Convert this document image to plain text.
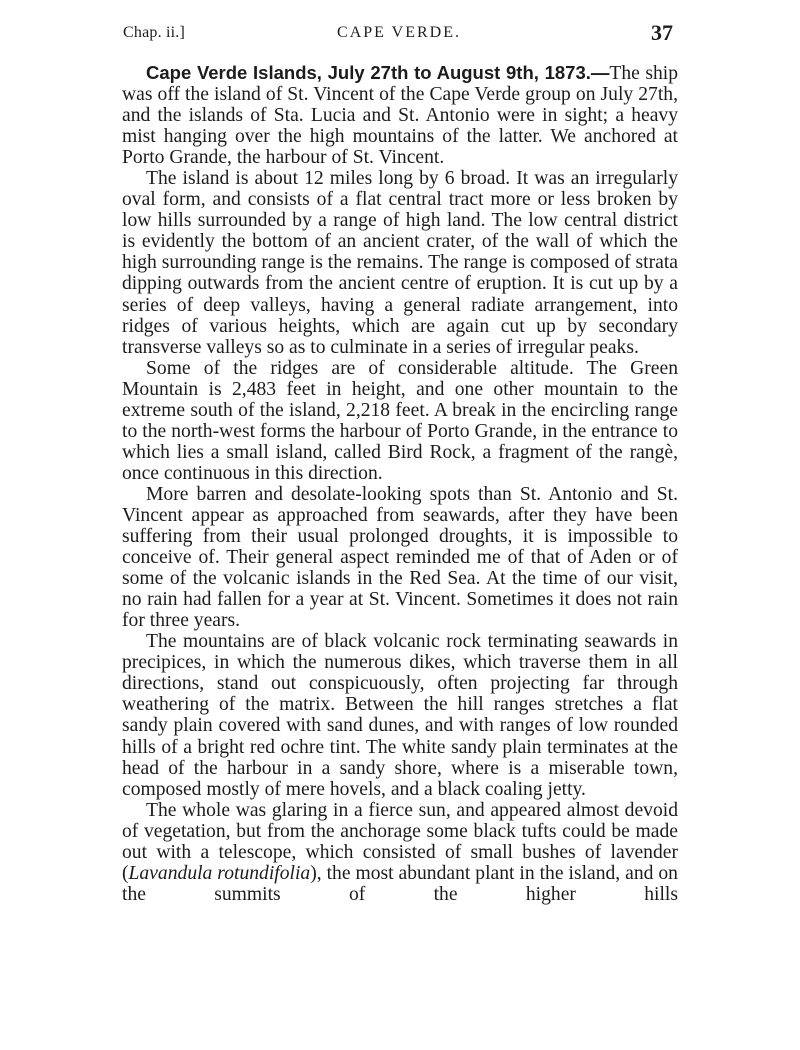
Chap. ii.]	CAPE VERDE.	37

Cape Verde Islands, July 27th to August 9th, 1873.—The ship was off the island of St. Vincent of the Cape Verde group on July 27th, and the islands of Sta. Lucia and St. Antonio were in sight; a heavy mist hanging over the high mountains of the latter. We anchored at Porto Grande, the harbour of St. Vincent.

The island is about 12 miles long by 6 broad. It was an irregularly oval form, and consists of a flat central tract more or less broken by low hills surrounded by a range of high land. The low central district is evidently the bottom of an ancient crater, of the wall of which the high surrounding range is the remains. The range is composed of strata dipping outwards from the ancient centre of eruption. It is cut up by a series of deep valleys, having a general radiate arrangement, into ridges of various heights, which are again cut up by secondary transverse valleys so as to culminate in a series of irregular peaks.

Some of the ridges are of considerable altitude. The Green Mountain is 2,483 feet in height, and one other mountain to the extreme south of the island, 2,218 feet. A break in the encircling range to the north-west forms the harbour of Porto Grande, in the entrance to which lies a small island, called Bird Rock, a fragment of the rangè, once continuous in this direction.

More barren and desolate-looking spots than St. Antonio and St. Vincent appear as approached from seawards, after they have been suffering from their usual prolonged droughts, it is impossible to conceive of. Their general aspect reminded me of that of Aden or of some of the volcanic islands in the Red Sea. At the time of our visit, no rain had fallen for a year at St. Vincent. Sometimes it does not rain for three years.

The mountains are of black volcanic rock terminating seawards in precipices, in which the numerous dikes, which traverse them in all directions, stand out conspicuously, often projecting far through weathering of the matrix. Between the hill ranges stretches a flat sandy plain covered with sand dunes, and with ranges of low rounded hills of a bright red ochre tint. The white sandy plain terminates at the head of the harbour in a sandy shore, where is a miserable town, composed mostly of mere hovels, and a black coaling jetty.

The whole was glaring in a fierce sun, and appeared almost devoid of vegetation, but from the anchorage some black tufts could be made out with a telescope, which consisted of small bushes of lavender (Lavandula rotundifolia), the most abundant plant in the island, and on the summits of the higher hills
